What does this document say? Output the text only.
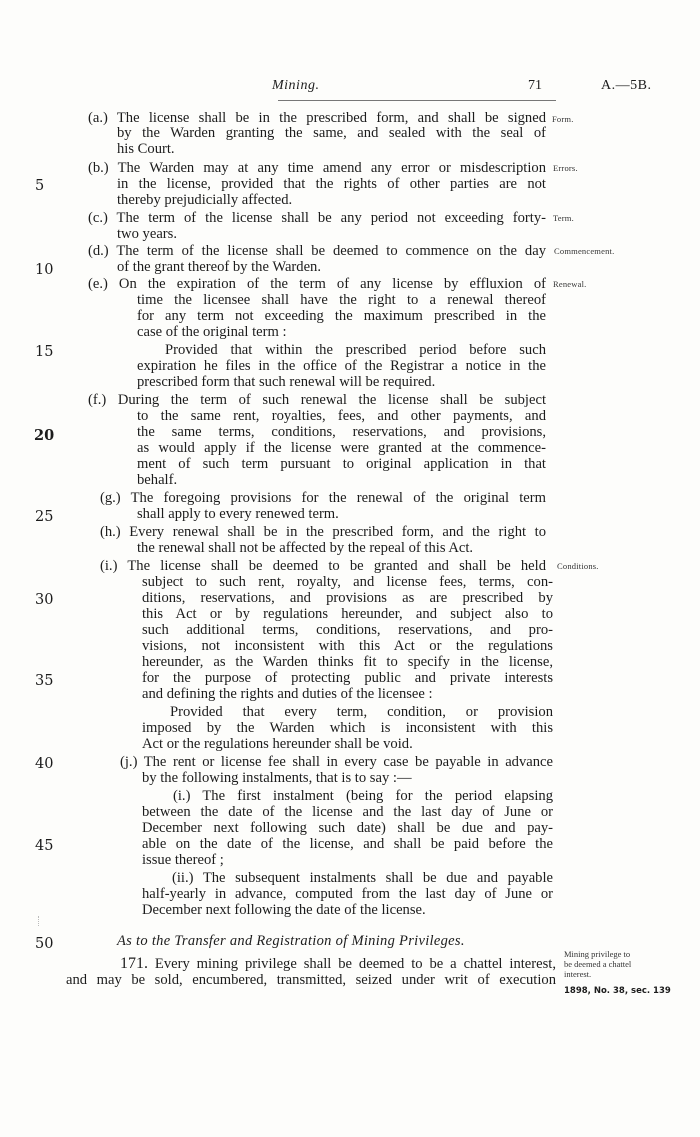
Mining.	71	A.—5B.
(a.) The license shall be in the prescribed form, and shall be signed
by the Warden granting the same, and sealed with the seal of
his Court.
(b.) The Warden may at any time amend any error or misdescription
in the license, provided that the rights of other parties are not
thereby prejudicially affected.
(c.) The term of the license shall be any period not exceeding forty-
two years.
(d.) The term of the license shall be deemed to commence on the day
of the grant thereof by the Warden.
(e.) On the expiration of the term of any license by effluxion of
time the licensee shall have the right to a renewal thereof
for any term not exceeding the maximum prescribed in the
case of the original term :
Provided that within the prescribed period before such
expiration he files in the office of the Registrar a notice in the
prescribed form that such renewal will be required.
(f.) During the term of such renewal the license shall be subject
to the same rent, royalties, fees, and other payments, and
the same terms, conditions, reservations, and provisions,
as would apply if the license were granted at the commence-
ment of such term pursuant to original application in that
behalf.
(g.) The foregoing provisions for the renewal of the original term
shall apply to every renewed term.
(h.) Every renewal shall be in the prescribed form, and the right to
the renewal shall not be affected by the repeal of this Act.
(i.) The license shall be deemed to be granted and shall be held
subject to such rent, royalty, and license fees, terms, con-
ditions, reservations, and provisions as are prescribed by
this Act or by regulations hereunder, and subject also to
such additional terms, conditions, reservations, and pro-
visions, not inconsistent with this Act or the regulations
hereunder, as the Warden thinks fit to specify in the license,
for the purpose of protecting public and private interests
and defining the rights and duties of the licensee :
Provided that every term, condition, or provision
imposed by the Warden which is inconsistent with this
Act or the regulations hereunder shall be void.
(j.) The rent or license fee shall in every case be payable in advance
by the following instalments, that is to say :—
(i.) The first instalment (being for the period elapsing
between the date of the license and the last day of June or
December next following such date) shall be due and pay-
able on the date of the license, and shall be paid before the
issue thereof ;
(ii.) The subsequent instalments shall be due and payable
half-yearly in advance, computed from the last day of June or
December next following the date of the license.
5
10
15
20
25
30
35
40
45
50
Form.
Errors.
Term.
Commencement.
Renewal.
Conditions.
As to the Transfer and Registration of Mining Privileges.
171. Every mining privilege shall be deemed to be a chattel interest,
and may be sold, encumbered, transmitted, seized under writ of execution
Mining privilege to
be deemed a chattel
interest.
1898, No. 38, sec. 139
